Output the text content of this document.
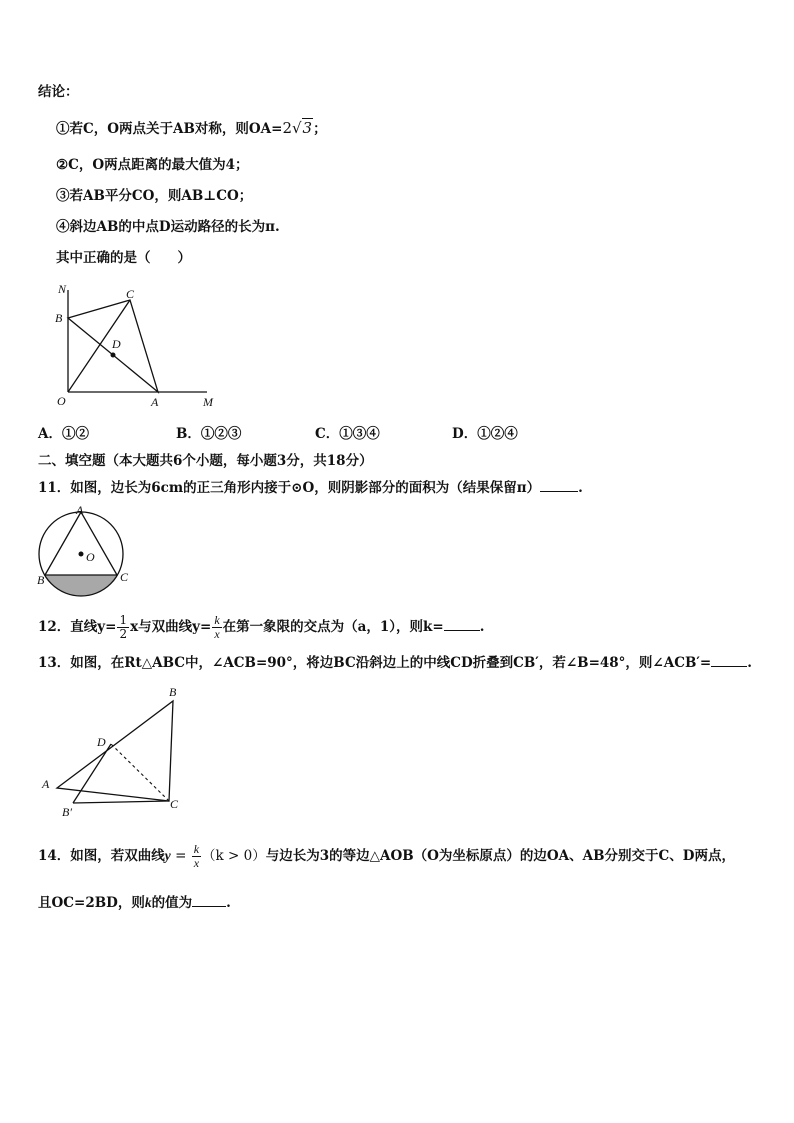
结论：
①若C，O两点关于AB对称，则OA=2√3；
②C，O两点距离的最大值为4；
③若AB平分CO，则AB⊥CO；
④斜边AB的中点D运动路径的长为π.
其中正确的是（　　）
N	C
B
D
O	A	M
A．①②	B．①②③	C．①③④	D．①②④
二、填空题（本大题共6个小题，每小题3分，共18分）
11．如图，边长为6cm的正三角形内接于⊙O，则阴影部分的面积为（结果保留π）	.
A
O
B	C
12．直线$y= \frac{1}{2}$ x与双曲线$y= \frac{k}{x}$ 在第一象限的交点为（a，1），则k=	.
13．如图，在Rt△ABC中，∠ACB=90°，将边BC沿斜边上的中线CD折叠到CB′，若∠B=48°，则∠ACB′=	.
B
D
A
B′
C
14．如图，若双曲线$y = \frac{k}{x} (k > 0)$与边长为3的等边△AOB（O为坐标原点）的边OA、AB分别交于C、D两点，
且OC=2BD，则k的值为	.
